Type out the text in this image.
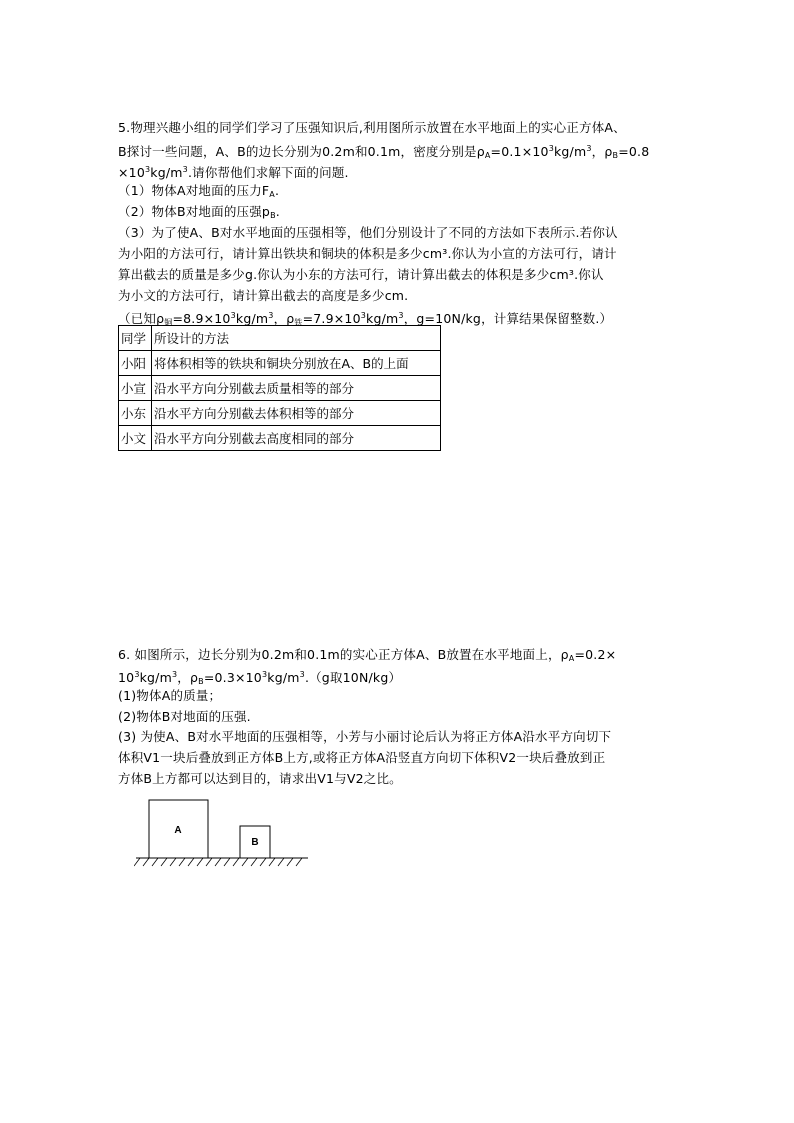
5.物理兴趣小组的同学们学习了压强知识后,利用图所示放置在水平地面上的实心正方体A、
B探讨一些问题，A、B的边长分别为0.2m和0.1m，密度分别是$\rho_A=0.1\times 10^3kg/m^3$，$\rho_B=0.8$
$\times 10^3kg/m^3$.请你帮他们求解下面的问题.
（1）物体A对地面的压力$F_A$.
（2）物体B对地面的压强$p_B$.
（3）为了使A、B对水平地面的压强相等，他们分别设计了不同的方法如下表所示.若你认
为小阳的方法可行，请计算出铁块和铜块的体积是多少cm³.你认为小宣的方法可行，请计
算出截去的质量是多少g.你认为小东的方法可行，请计算出截去的体积是多少cm³.你认
为小文的方法可行，请计算出截去的高度是多少cm.
（已知$\rho_铜=8.9\times 10^3kg/m^3$，$\rho_铁=7.9\times 10^3kg/m^3$，g=10N/kg，计算结果保留整数.）
同学	所设计的方法
小阳	将体积相等的铁块和铜块分别放在A、B的上面
小宣	沿水平方向分别截去质量相等的部分
小东	沿水平方向分别截去体积相等的部分
小文	沿水平方向分别截去高度相同的部分
6. 如图所示，边长分别为0.2m和0.1m的实心正方体A、B放置在水平地面上，$\rho_A=0.2\times$
$10^3kg/m^3$，$\rho_B=0.3\times 10^3kg/m^3.(g$取10N/kg）
(1)物体A的质量；
(2)物体B对地面的压强.
(3) 为使A、B对水平地面的压强相等，小芳与小丽讨论后认为将正方体A沿水平方向切下
体积V1一块后叠放到正方体B上方,或将正方体A沿竖直方向切下体积V2一块后叠放到正
方体B上方都可以达到目的，请求出V1与V2之比。
A
B
